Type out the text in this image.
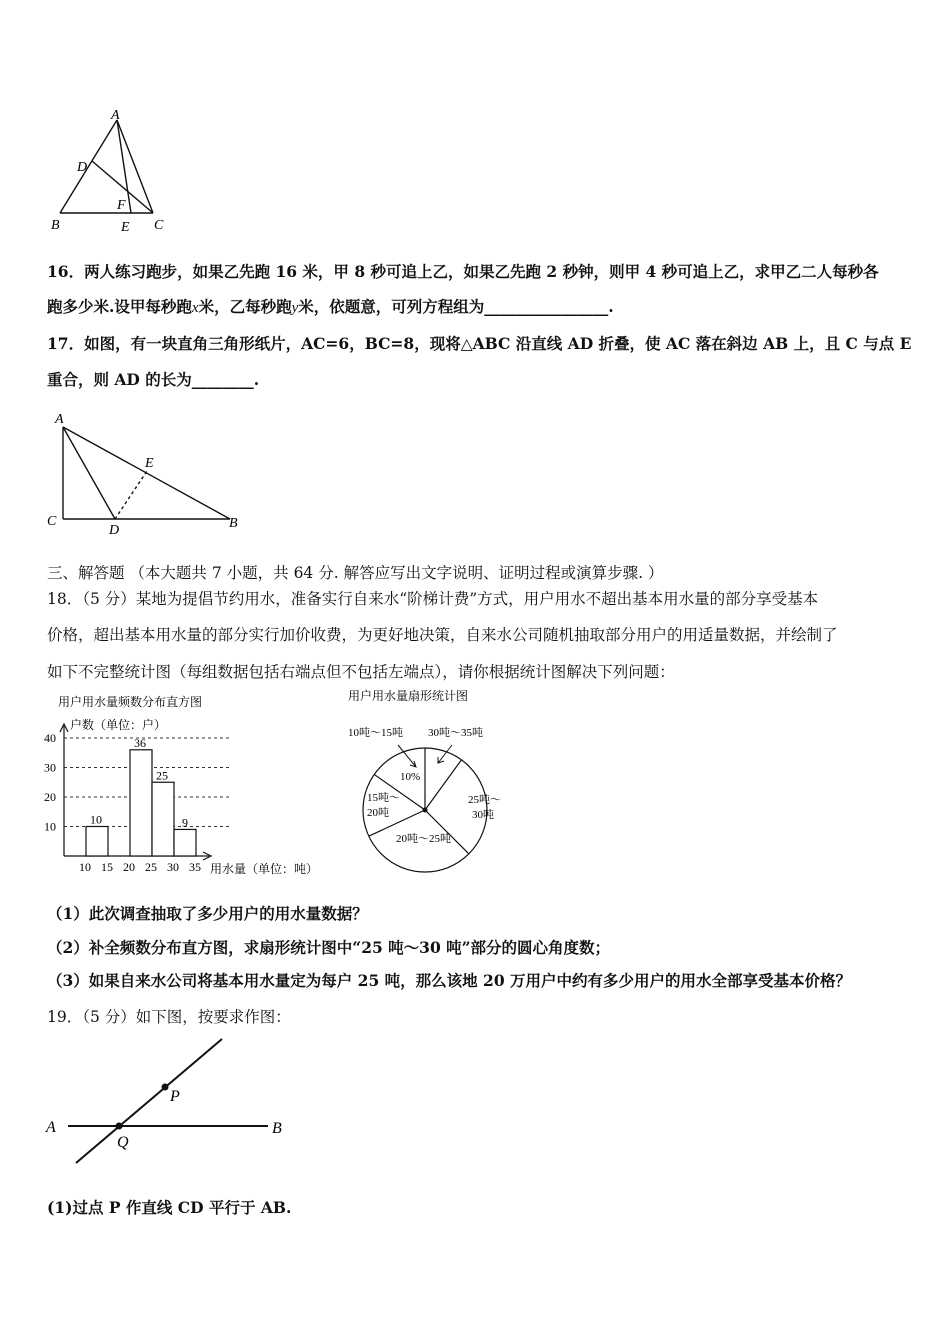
A
D
F
B	E C
16．两人练习跑步，如果乙先跑 16 米，甲 8 秒可追上乙，如果乙先跑 2 秒钟，则甲 4 秒可追上乙，求甲乙二人每秒各
跑多少米.设甲每秒跑x米，乙每秒跑y米，依题意，可列方程组为________________.
17．如图，有一块直角三角形纸片，AC=6，BC=8，现将△ABC 沿直线 AD 折叠，使 AC 落在斜边 AB 上，且 C 与点 E
重合，则 AD 的长为________.
A
E
C
D	B
三、解答题 （本大题共 7 小题，共 64 分. 解答应写出文字说明、证明过程或演算步骤. ）
18．（5 分）某地为提倡节约用水，准备实行自来水“阶梯计费”方式，用户用水不超出基本用水量的部分享受基本
价格，超出基本用水量的部分实行加价收费，为更好地决策，自来水公司随机抽取部分用户的用适量数据，并绘制了
如下不完整统计图（每组数据包括右端点但不包括左端点），请你根据统计图解决下列问题：
用户用水量频数分布直方图
户数（单位：户）
用水量（单位：吨）
10
20
30
40
10 15 20 25 30 35
10
36
25
9
用户用水量扇形统计图
10吨～15吨 30吨～35吨
10%
25吨～
30吨
15吨～
20吨
20吨～25吨
（1）此次调查抽取了多少用户的用水量数据？
（2）补全频数分布直方图，求扇形统计图中“25 吨～30 吨”部分的圆心角度数；
（3）如果自来水公司将基本用水量定为每户 25 吨，那么该地 20 万用户中约有多少用户的用水全部享受基本价格？
19．（5 分）如下图，按要求作图：
A	B
P
Q
(1)过点 P 作直线 CD 平行于 AB.
